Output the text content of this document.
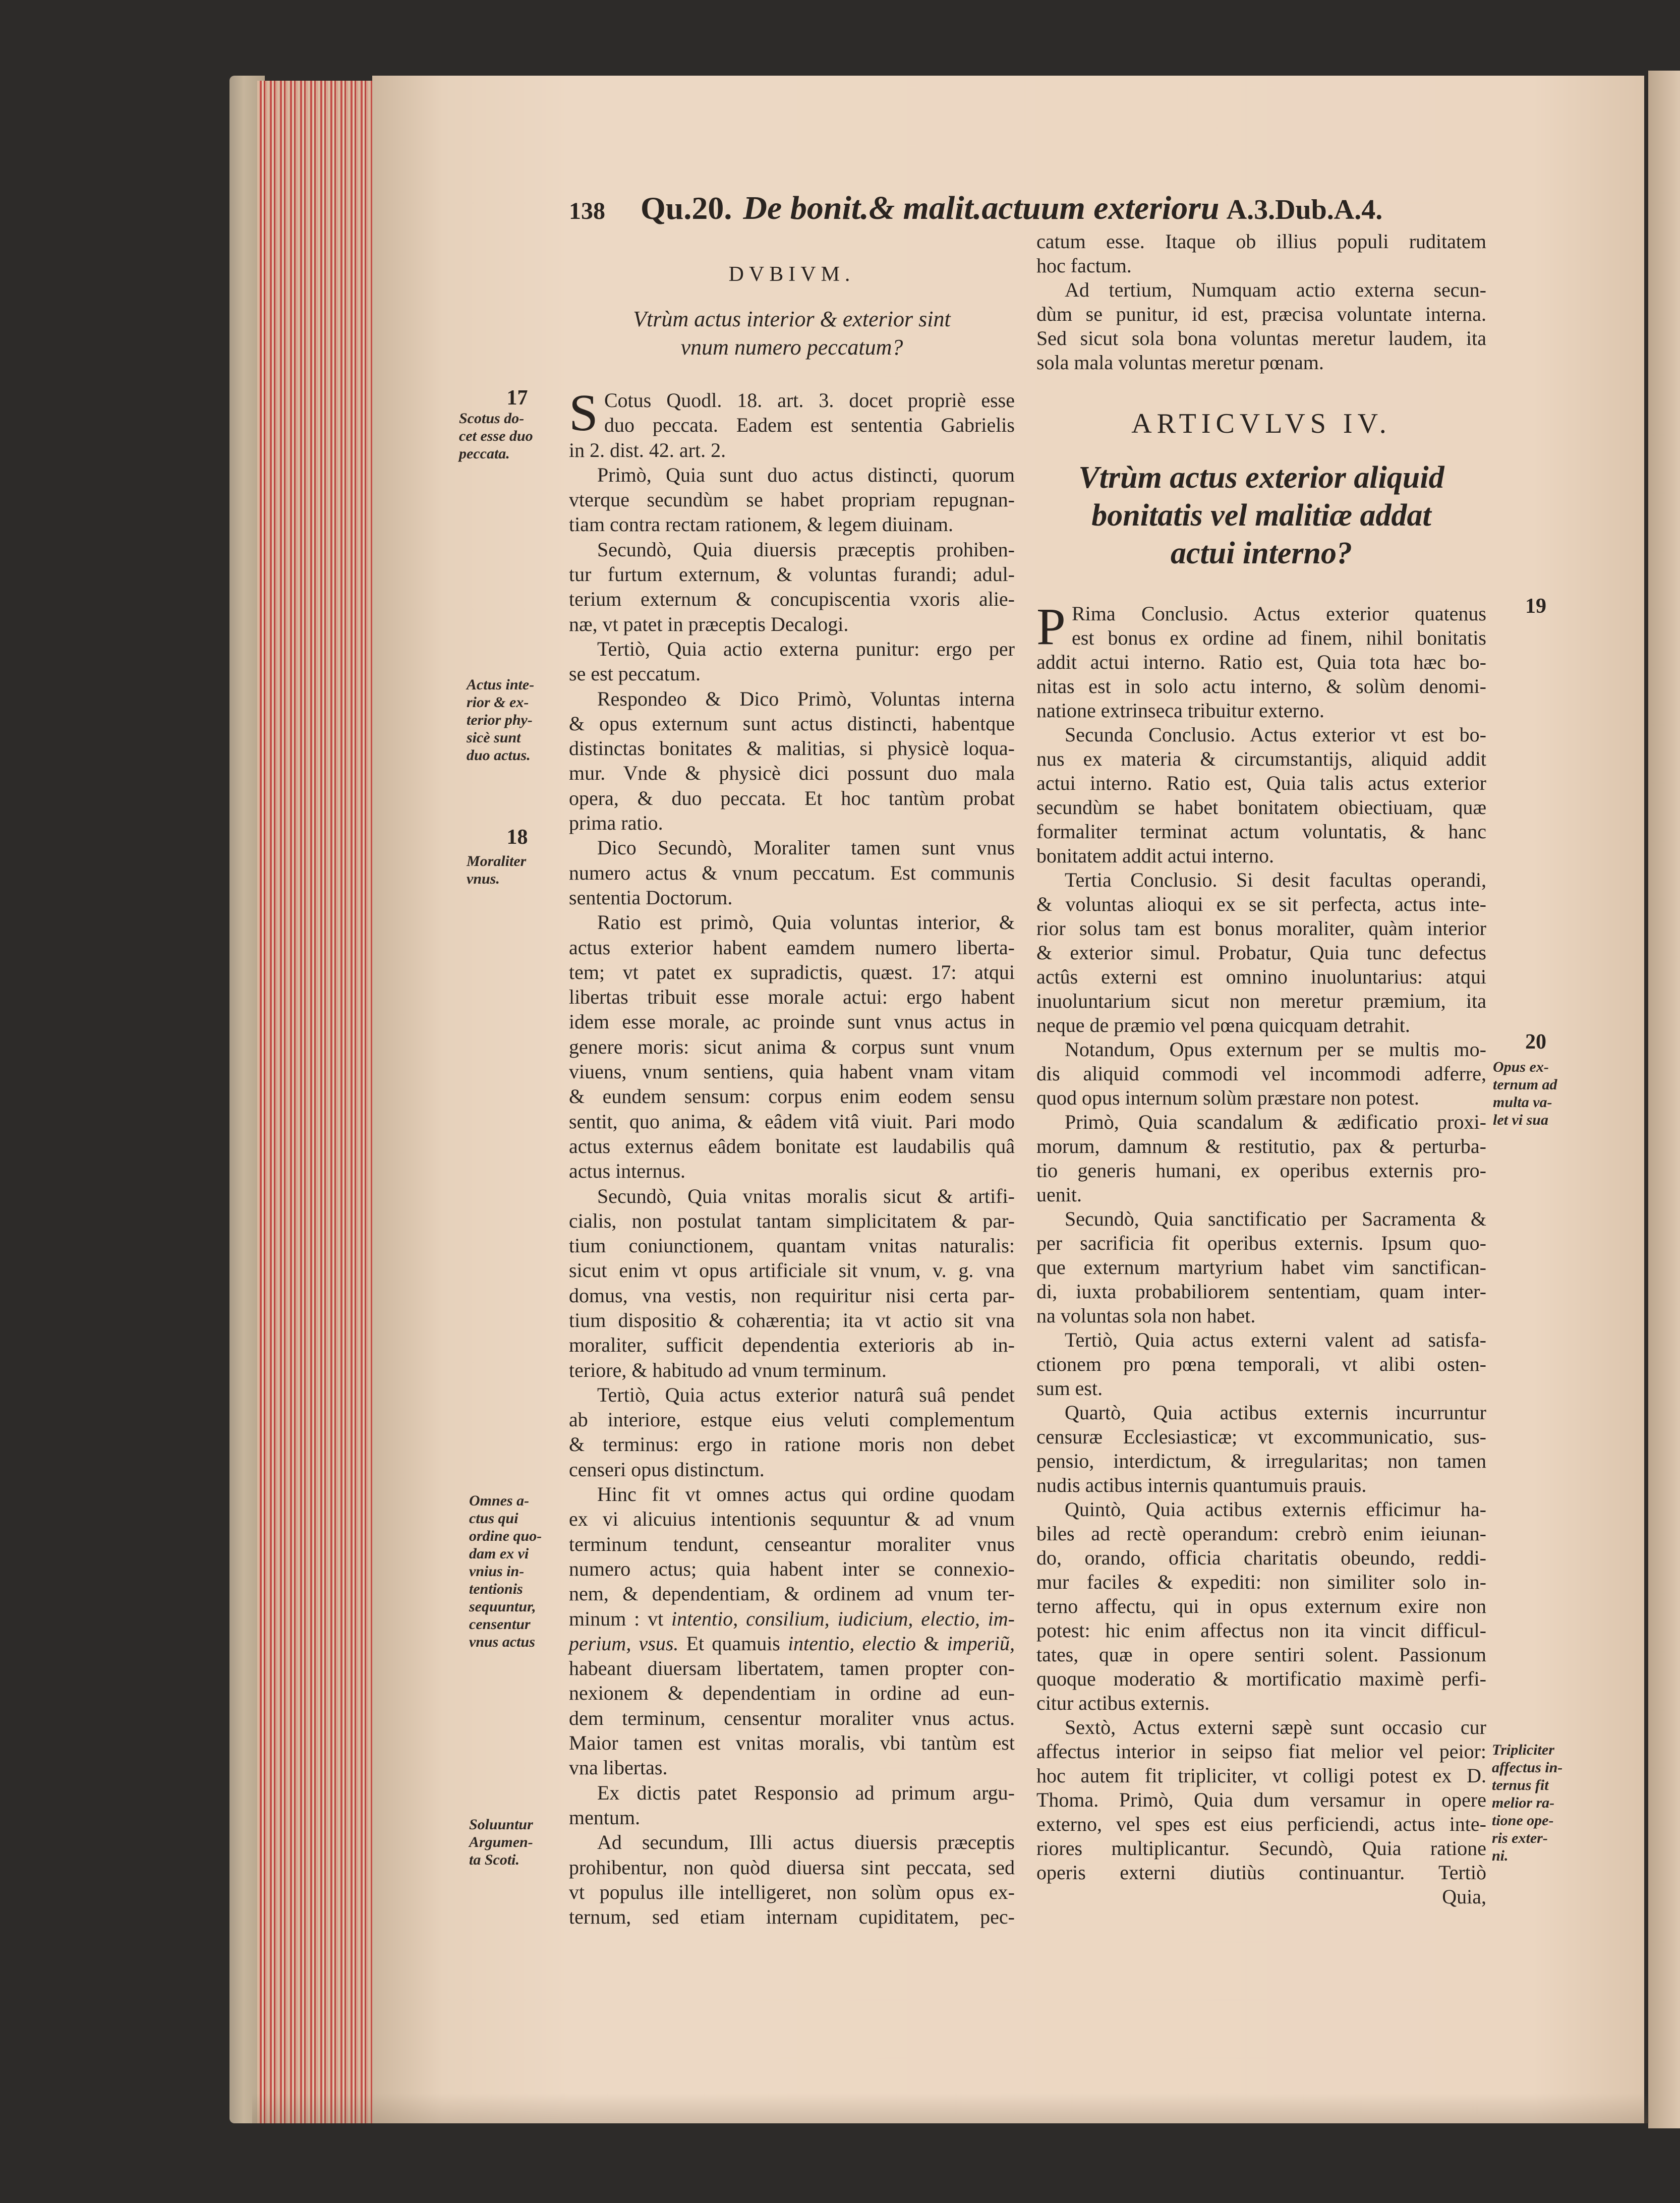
138 Qu.20. De bonit.& malit.actuum exterioru A.3.Dub.A.4.
DVBIVM.
Vtrùm actus interior & exterior sint
vnum numero peccatum?
ARTICVLVS IV.
Vtrùm actus exterior aliquid
bonitatis vel malitiæ addat
actui interno?
S Cotus Quodl. 18. art. 3. docet propriè esse
duo peccata. Eadem est sententia Gabrielis
in 2. dist. 42. art. 2.
Primò, Quia sunt duo actus distincti, quorum
vterque secundùm se habet propriam repugnan-
tiam contra rectam rationem, & legem diuinam.
Secundò, Quia diuersis præceptis prohiben-
tur furtum externum, & voluntas furandi; adul-
terium externum & concupiscentia vxoris alie-
næ, vt patet in præceptis Decalogi.
Tertiò, Quia actio externa punitur: ergo per
se est peccatum.
Respondeo & Dico Primò, Voluntas interna
& opus externum sunt actus distincti, habentque
distinctas bonitates & malitias, si physicè loqua-
mur. Vnde & physicè dici possunt duo mala
opera, & duo peccata. Et hoc tantùm probat
prima ratio.
Dico Secundò, Moraliter tamen sunt vnus
numero actus & vnum peccatum. Est communis
sententia Doctorum.
Ratio est primò, Quia voluntas interior, &
actus exterior habent eamdem numero liberta-
tem; vt patet ex supradictis, quæst. 17: atqui
libertas tribuit esse morale actui: ergo habent
idem esse morale, ac proinde sunt vnus actus in
genere moris: sicut anima & corpus sunt vnum
viuens, vnum sentiens, quia habent vnam vitam
& eundem sensum: corpus enim eodem sensu
sentit, quo anima, & eâdem vitâ viuit. Pari modo
actus externus eâdem bonitate est laudabilis quâ
actus internus.
Secundò, Quia vnitas moralis sicut & artifi-
cialis, non postulat tantam simplicitatem & par-
tium coniunctionem, quantam vnitas naturalis:
sicut enim vt opus artificiale sit vnum, v. g. vna
domus, vna vestis, non requiritur nisi certa par-
tium dispositio & cohærentia; ita vt actio sit vna
moraliter, sufficit dependentia exterioris ab in-
teriore, & habitudo ad vnum terminum.
Tertiò, Quia actus exterior naturâ suâ pendet
ab interiore, estque eius veluti complementum
& terminus: ergo in ratione moris non debet
censeri opus distinctum.
Hinc fit vt omnes actus qui ordine quodam
ex vi alicuius intentionis sequuntur & ad vnum
terminum tendunt, censeantur moraliter vnus
numero actus; quia habent inter se connexio-
nem, & dependentiam, & ordinem ad vnum ter-
minum : vt intentio, consilium, iudicium, electio, im-
perium, vsus. Et quamuis intentio, electio & imperiũ,
habeant diuersam libertatem, tamen propter con-
nexionem & dependentiam in ordine ad eun-
dem terminum, censentur moraliter vnus actus.
Maior tamen est vnitas moralis, vbi tantùm est
vna libertas.
Ex dictis patet Responsio ad primum argu-
mentum.
Ad secundum, Illi actus diuersis præceptis
prohibentur, non quòd diuersa sint peccata, sed
vt populus ille intelligeret, non solùm opus ex-
ternum, sed etiam internam cupiditatem, pec-
catum esse. Itaque ob illius populi ruditatem
hoc factum.
Ad tertium, Numquam actio externa secun-
dùm se punitur, id est, præcisa voluntate interna.
Sed sicut sola bona voluntas meretur laudem, ita
sola mala voluntas meretur pœnam.
P Rima Conclusio. Actus exterior quatenus
est bonus ex ordine ad finem, nihil bonitatis
addit actui interno. Ratio est, Quia tota hæc bo-
nitas est in solo actu interno, & solùm denomi-
natione extrinseca tribuitur externo.
Secunda Conclusio. Actus exterior vt est bo-
nus ex materia & circumstantijs, aliquid addit
actui interno. Ratio est, Quia talis actus exterior
secundùm se habet bonitatem obiectiuam, quæ
formaliter terminat actum voluntatis, & hanc
bonitatem addit actui interno.
Tertia Conclusio. Si desit facultas operandi,
& voluntas alioqui ex se sit perfecta, actus inte-
rior solus tam est bonus moraliter, quàm interior
& exterior simul. Probatur, Quia tunc defectus
actûs externi est omnino inuoluntarius: atqui
inuoluntarium sicut non meretur præmium, ita
neque de præmio vel pœna quicquam detrahit.
Notandum, Opus externum per se multis mo-
dis aliquid commodi vel incommodi adferre,
quod opus internum solùm præstare non potest.
Primò, Quia scandalum & ædificatio proxi-
morum, damnum & restitutio, pax & perturba-
tio generis humani, ex operibus externis pro-
uenit.
Secundò, Quia sanctificatio per Sacramenta &
per sacrificia fit operibus externis. Ipsum quo-
que externum martyrium habet vim sanctifican-
di, iuxta probabiliorem sententiam, quam inter-
na voluntas sola non habet.
Tertiò, Quia actus externi valent ad satisfa-
ctionem pro pœna temporali, vt alibi osten-
sum est.
Quartò, Quia actibus externis incurruntur
censuræ Ecclesiasticæ; vt excommunicatio, sus-
pensio, interdictum, & irregularitas; non tamen
nudis actibus internis quantumuis prauis.
Quintò, Quia actibus externis efficimur ha-
biles ad rectè operandum: crebrò enim ieiunan-
do, orando, officia charitatis obeundo, reddi-
mur faciles & expediti: non similiter solo in-
terno affectu, qui in opus externum exire non
potest: hic enim affectus non ita vincit difficul-
tates, quæ in opere sentiri solent. Passionum
quoque moderatio & mortificatio maximè perfi-
citur actibus externis.
Sextò, Actus externi sæpè sunt occasio cur
affectus interior in seipso fiat melior vel peior:
hoc autem fit tripliciter, vt colligi potest ex D.
Thoma. Primò, Quia dum versamur in opere
externo, vel spes est eius perficiendi, actus inte-
riores multiplicantur. Secundò, Quia ratione
operis externi diutiùs continuantur. Tertiò
Quia,
17
Scotus do-
cet esse duo
peccata.
Actus inte-
rior & ex-
terior phy-
sicè sunt
duo actus.
18
Moraliter
vnus.
Omnes a-
ctus qui
ordine quo-
dam ex vi
vnius in-
tentionis
sequuntur,
censentur
vnus actus
Soluuntur
Argumen-
ta Scoti.
19
20
Opus ex-
ternum ad
multa va-
let vi sua
Tripliciter
affectus in-
ternus fit
melior ra-
tione ope-
ris exter-
ni.
